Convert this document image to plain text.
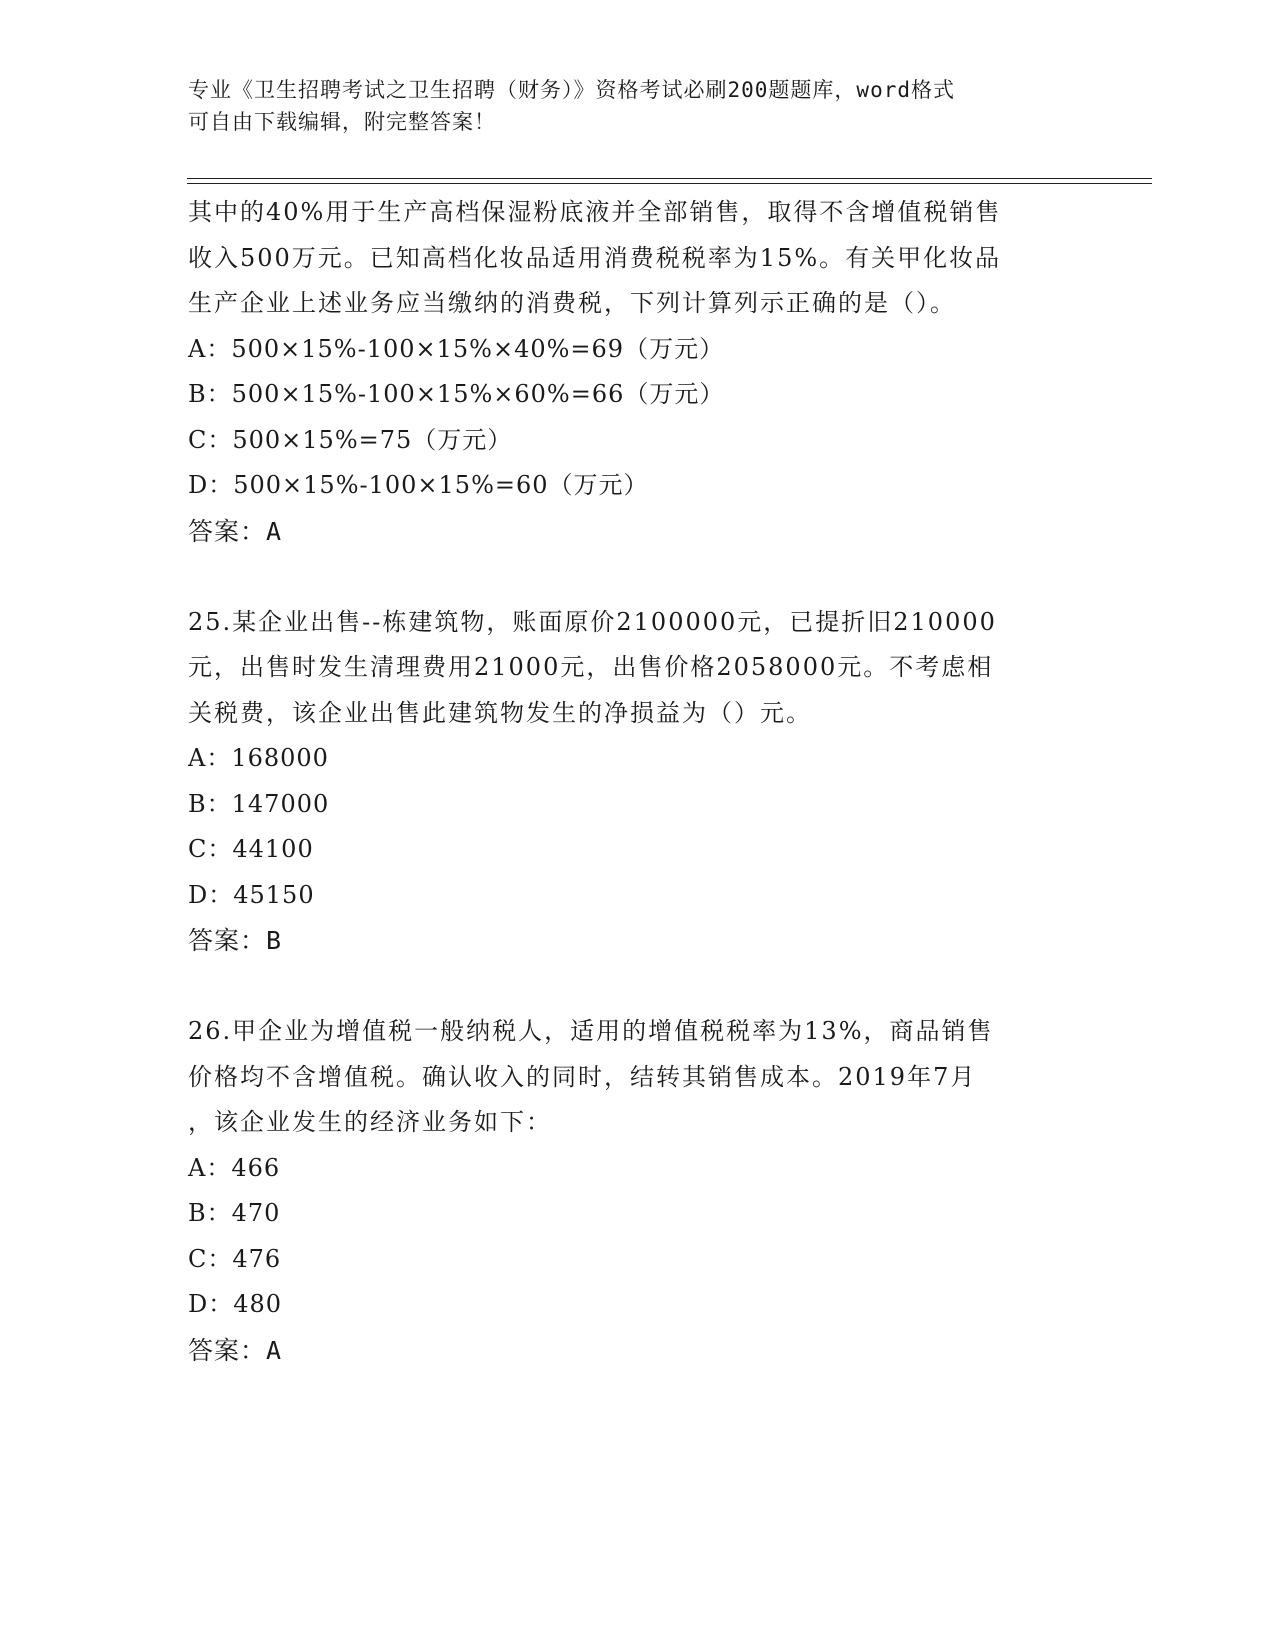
专业《卫生招聘考试之卫生招聘（财务）》资格考试必刷200题题库，word格式
可自由下载编辑，附完整答案！

其中的40%用于生产高档保湿粉底液并全部销售，取得不含增值税销售

收入500万元。已知高档化妆品适用消费税税率为15%。有关甲化妆品

生产企业上述业务应当缴纳的消费税，下列计算列示正确的是（）。

A：500×15%-100×15%×40%=69（万元）

B：500×15%-100×15%×60%=66（万元）

C：500×15%=75（万元）

D：500×15%-100×15%=60（万元）

答案：A

25.某企业出售--栋建筑物，账面原价2100000元，已提折旧210000

元，出售时发生清理费用21000元，出售价格2058000元。不考虑相

关税费，该企业出售此建筑物发生的净损益为（）元。

A：168000

B：147000

C：44100

D：45150

答案：B

26.甲企业为增值税一般纳税人，适用的增值税税率为13%，商品销售

价格均不含增值税。确认收入的同时，结转其销售成本。2019年7月

，该企业发生的经济业务如下：

A：466

B：470

C：476

D：480

答案：A
